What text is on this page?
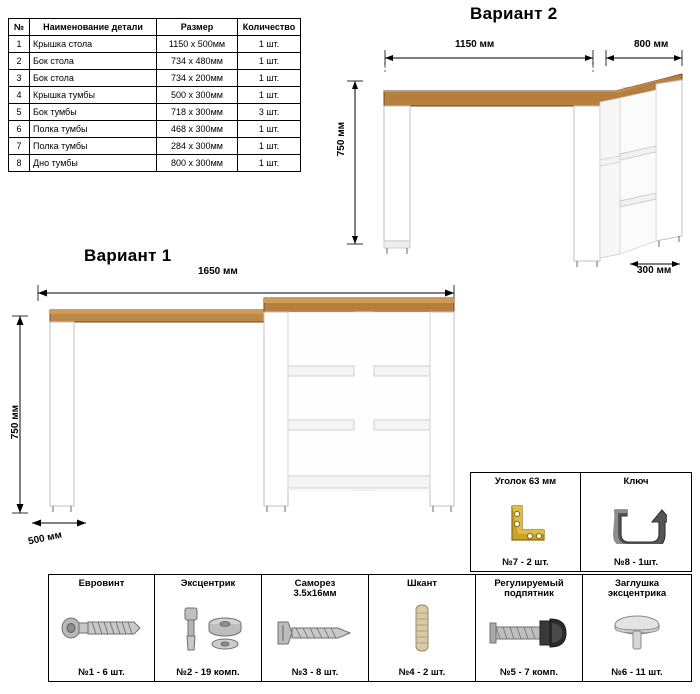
№	Наименование детали	Размер	Количество
1	Крышка стола	1150 х 500мм	1 шт.
2	Бок стола	734 х 480мм	1 шт.
3	Бок стола	734 х 200мм	1 шт.
4	Крышка тумбы	500 х 300мм	1 шт.
5	Бок тумбы	718 х 300мм	3 шт.
6	Полка тумбы	468 х 300мм	1 шт.
7	Полка тумбы	284 х 300мм	1 шт.
8	Дно тумбы	800 х 300мм	1 шт.
Вариант 2
1150 мм	800 мм
750 мм
300 мм
Вариант 1
1650 мм
750 мм
500 мм
Уголок 63 мм
№7 - 2 шт.
Ключ
№8 - 1шт.
Евровинт
№1 - 6 шт.
Эксцентрик
№2 - 19 комп.
Саморез
3.5x16мм
№3 - 8 шт.
Шкант
№4 - 2 шт.
Регулируемый
подпятник
№5 - 7 комп.
Заглушка
эксцентрика
№6 - 11 шт.
